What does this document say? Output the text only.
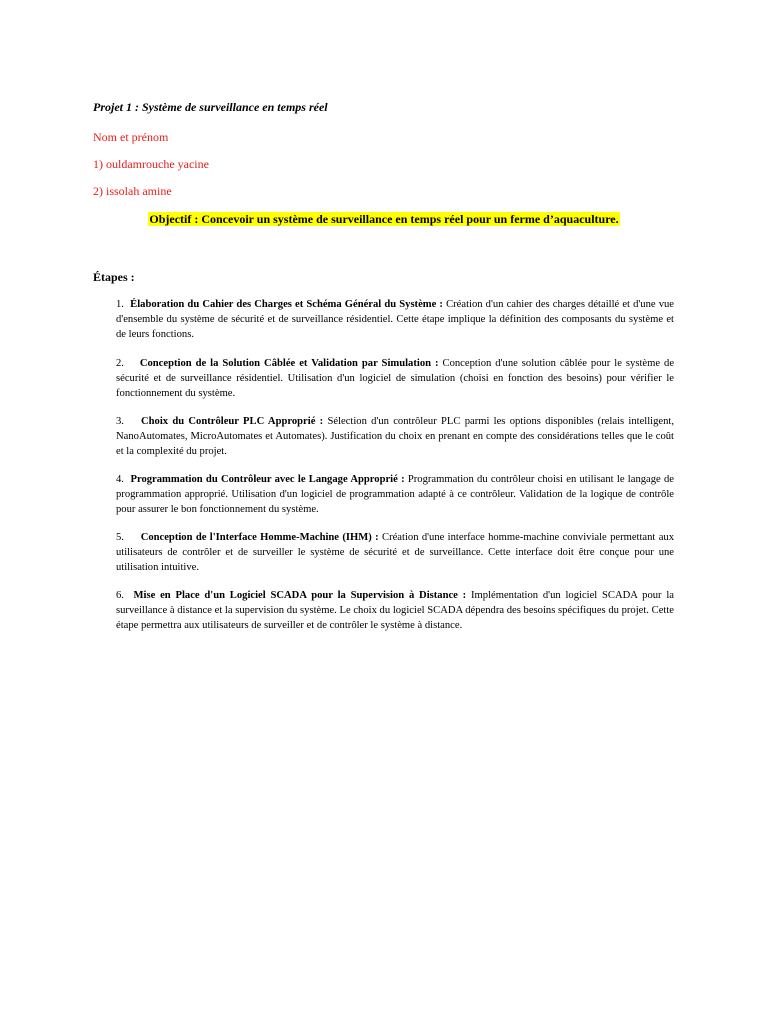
Projet 1 : Système de surveillance en temps réel
Nom et prénom
1) ouldamrouche yacine
2) issolah amine
Objectif : Concevoir un système de surveillance en temps réel pour un ferme d’aquaculture.
Étapes :
1. Élaboration du Cahier des Charges et Schéma Général du Système : Création d'un cahier des charges détaillé et d'une vue d'ensemble du système de sécurité et de surveillance résidentiel. Cette étape implique la définition des composants du système et de leurs fonctions.
2. Conception de la Solution Câblée et Validation par Simulation : Conception d'une solution câblée pour le système de sécurité et de surveillance résidentiel. Utilisation d'un logiciel de simulation (choisi en fonction des besoins) pour vérifier le fonctionnement du système.
3. Choix du Contrôleur PLC Approprié : Sélection d'un contrôleur PLC parmi les options disponibles (relais intelligent, NanoAutomates, MicroAutomates et Automates). Justification du choix en prenant en compte des considérations telles que le coût et la complexité du projet.
4. Programmation du Contrôleur avec le Langage Approprié : Programmation du contrôleur choisi en utilisant le langage de programmation approprié. Utilisation d'un logiciel de programmation adapté à ce contrôleur. Validation de la logique de contrôle pour assurer le bon fonctionnement du système.
5. Conception de l'Interface Homme-Machine (IHM) : Création d'une interface homme-machine conviviale permettant aux utilisateurs de contrôler et de surveiller le système de sécurité et de surveillance. Cette interface doit être conçue pour une utilisation intuitive.
6. Mise en Place d'un Logiciel SCADA pour la Supervision à Distance : Implémentation d'un logiciel SCADA pour la surveillance à distance et la supervision du système. Le choix du logiciel SCADA dépendra des besoins spécifiques du projet. Cette étape permettra aux utilisateurs de surveiller et de contrôler le système à distance.
